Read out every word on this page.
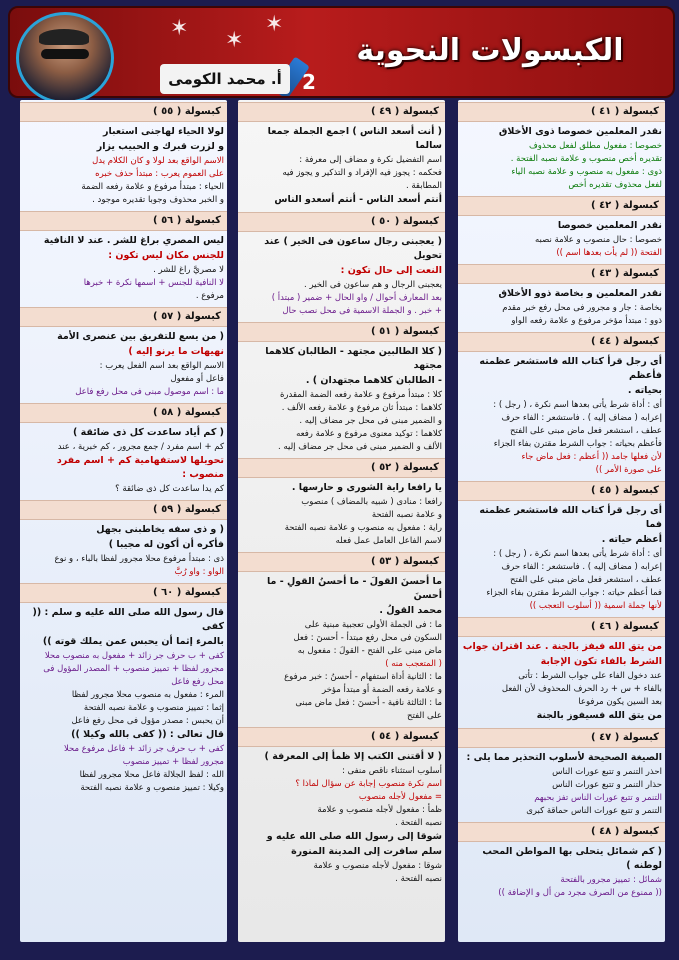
✶ ✶
✶
الكبسولات النحوية
2
أ. محمد الكومى
كبسولة ( ٤١ )
نقدر المعلمين خصوصا ذوى الأخلاق
خصوصا : مفعول مطلق لفعل محذوف
تقديره أخص منصوب و علامة نصبه الفتحة .
ذوى : مفعول به منصوب و علامة نصبه الياء
لفعل محذوف تقديره أخص
كبسولة ( ٤٢ )
نقدر المعلمين خصوصا
خصوصا : حال منصوب و علامة نصبه
الفتحة (( لم يأت بعدها اسم ))
كبسولة ( ٤٣ )
نقدر المعلمين و بخاصة ذوو الأخلاق
بخاصة : جار و مجرور فى محل رفع خبر مقدم
ذوو : مبتدأ مؤخر مرفوع و علامة رفعه الواو
كبسولة ( ٤٤ )
أى رجل قرأ كتاب الله فاستشعر عظمته فأعظم
بحياته .
أى : أداة شرط يأتى بعدها اسم نكرة ، ( رجل ) :
إعرابه ( مضاف إليه ) . فاستشعر : الفاء حرف
عطف ، استشعر فعل ماض مبنى على الفتح
فأعظم بحياته : جواب الشرط مقترن بفاء الجزاء
لأن فعلها جامد (( أعظم : فعل ماض جاء
على صورة الأمر ))
كبسولة ( ٤٥ )
أى رجل قرأ كتاب الله فاستشعر عظمته فما
أعظم حياته .
أى : أداة شرط يأتى بعدها اسم نكرة ، ( رجل ) :
إعرابه ( مضاف إليه ) . فاستشعر : الفاء حرف
عطف ، استشعر فعل ماض مبنى على الفتح
فما أعظم حياته : جواب الشرط مقترن بفاء الجزاء
لأنها جملة اسمية (( أسلوب التعجب ))
كبسولة ( ٤٦ )
من يتق الله فيفز بالجنة . عند اقتران جواب
الشرط بالفاء تكون الإجابة
عند دخول الفاء على جواب الشرط : تأتى
بالفاء + س + رد الحرف المحذوف لأن الفعل
بعد السين يكون مرفوعا
من يتق الله فسيفوز بالجنة
كبسولة ( ٤٧ )
الصيغة الصحيحة لأسلوب التحذير مما يلى :
احذر التنمر و تتبع عورات الناس
حذار التنمر و تتبع عورات الناس
التنمر و تتبع عورات الناس تفز بحبهم
التنمر و تتبع عورات الناس حماقة كبرى
كبسولة ( ٤٨ )
( كم شمائل يتحلى بها المواطن المحب لوطنه )
شمائل : تمييز مجرور بالفتحة
(( ممنوع من الصرف مجرد من أل و الإضافة ))
كبسولة ( ٤٩ )
( أنت أسعد الناس ) اجمع الجملة جمعا سالما
اسم التفضيل نكرة و مضاف إلى معرفة :
فحكمه : يجوز فيه الإفراد و التذكير و يجوز فيه
المطابقة .
أنتم أسعد الناس - أنتم أسعدو الناس
كبسولة ( ٥٠ )
( يعجبنى رجال ساعون فى الخير ) عند تحويل
النعت إلى حال تكون :
يعجبنى الرجال و هم ساعون فى الخير .
بعد المعارف أحوال / واو الحال + ضمير ( مبتدأ )
+ خبر . و الجملة الاسمية فى محل نصب حال
كبسولة ( ٥١ )
( كلا الطالبين مجتهد - الطالبان كلاهما مجتهد
- الطالبان كلاهما مجتهدان ) .
كلا : مبتدأ مرفوع و علامة رفعه الضمة المقدرة
كلاهما : مبتدأ ثان مرفوع و علامة رفعه الألف .
و الضمير مبنى فى محل جر مضاف إليه .
كلاهما : توكيد معنوى مرفوع و علامة رفعه
الألف و الضمير مبنى فى محل جر مضاف إليه .
كبسولة ( ٥٢ )
يا رافعا راية الشورى و حارسها .
رافعا : منادى ( شبيه بالمضاف ) منصوب
و علامة نصبه الفتحة
راية : مفعول به منصوب و علامة نصبه الفتحة
لاسم الفاعل العامل عمل فعله
كبسولة ( ٥٣ )
ما أحسنَ القولَ - ما أحسنُ القولِ - ما أحسنَ
محمد القولُ .
ما : فى الجملة الأولى تعجبية مبنية على
السكون فى محل رفع مبتدأ - أحسنَ : فعل
ماض مبنى على الفتح - القولَ : مفعول به
( المتعجب منه )
ما : الثانية أداة استفهام - أحسنُ : خبر مرفوع
و علامة رفعه الضمة أو مبتدأ مؤخر
ما : الثالثة نافية - أحسنَ : فعل ماض مبنى
على الفتح
كبسولة ( ٥٤ )
( لا أقتنى الكتب إلا ظمأ إلى المعرفة )
أسلوب استثناء ناقص منفى :
اسم نكرة منصوب إجابة عن سؤال لماذا ؟
= مفعول لأجله منصوب
ظمأ : مفعول لأجله منصوب و علامة
نصبه الفتحة .
شوقا إلى رسول الله صلى الله عليه و
سلم سافرت إلى المدينة المنورة
شوقا : مفعول لأجله منصوب و علامة
نصبه الفتحة .
كبسولة ( ٥٥ )
لولا الحياء لهاجنى استعبار
و لزرت قبرك و الحبيب يزار
الاسم الواقع بعد لولا و كان الكلام يدل
على العموم يعرب : مبتدأ حذف خبره
الحياء : مبتدأ مرفوع و علامة رفعه الضمة
و الخبر محذوف وجوبا تقديره موجود .
كبسولة ( ٥٦ )
ليس المصري براغ للشر . عند لا النافية
للجنس مكان ليس تكون :
لا مصريَّ راغ للشر .
لا النافية للجنس + اسمها نكرة + خبرها
مرفوع .
كبسولة ( ٥٧ )
( من يسع للتفريق بين عنصرى الأمة
نهيهات ما يرنو إليه )
الاسم الواقع بعد اسم الفعل يعرب :
فاعل أو مفعول
ما : اسم موصول مبنى فى محل رفع فاعل
كبسولة ( ٥٨ )
( كم أياد ساعدت كل ذى ضائقة )
كم + اسم مفرد / جمع مجرور ، كم خبرية ، عند
تحويلها لاستفهامية كم + اسم مفرد منصوب :
كم يدا ساعدت كل ذى ضائقة ؟
كبسولة ( ٥٩ )
( و ذى سفه يخاطبنى بجهل
فأكره أن أكون له مجيبا )
ذى : مبتدأ مرفوع محلا مجرور لفظا بالباء ، و نوع
الواو : واو رُبَّ
كبسولة ( ٦٠ )
قال رسول الله صلى الله عليه و سلم : (( كفى
بالمرء إثما أن يحبس عمن يملك قوته ))
كفى + ب حرف جر زائد + مفعول به منصوب محلا
مجرور لفظا + تمييز منصوب + المصدر المؤول فى
محل رفع فاعل
المرء : مفعول به منصوب محلا مجرور لفظا
إثما : تمييز منصوب و علامة نصبه الفتحة
أن يحبس : مصدر مؤول فى محل رفع فاعل
قال تعالى : (( كفى بالله وكيلا ))
كفى + ب حرف جر زائد + فاعل مرفوع محلا
مجرور لفظا + تمييز منصوب
الله : لفظ الجلالة فاعل محلا مجرور لفظا
وكيلا : تمييز منصوب و علامة نصبه الفتحة
